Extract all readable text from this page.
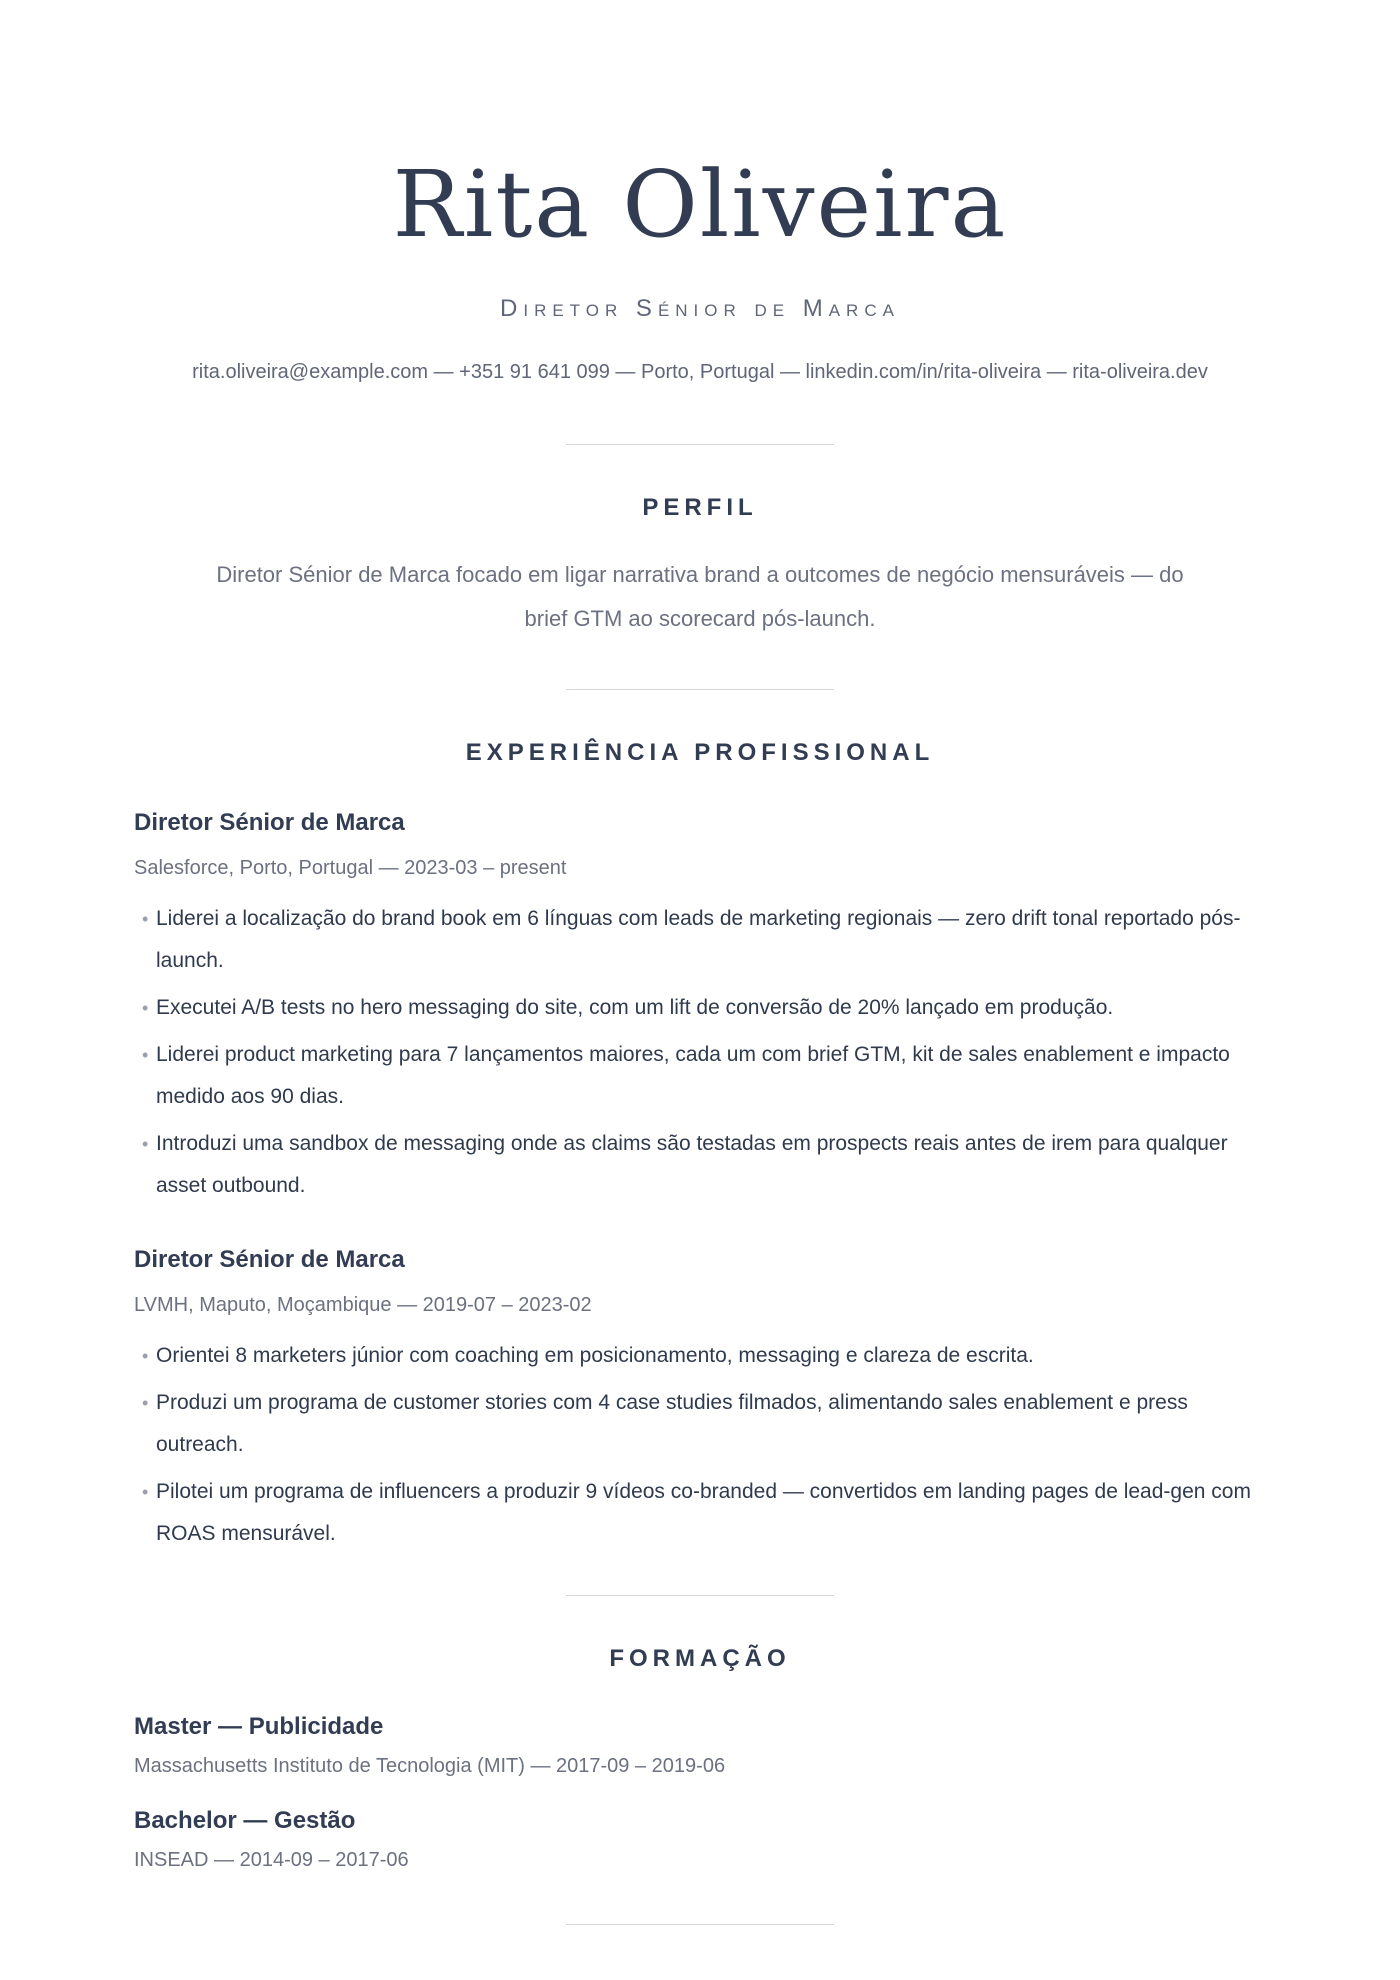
Rita Oliveira
Diretor Sénior de Marca
rita.oliveira@example.com — +351 91 641 099 — Porto, Portugal — linkedin.com/in/rita-oliveira — rita-oliveira.dev
PERFIL

Diretor Sénior de Marca focado em ligar narrativa brand a outcomes de negócio mensuráveis — do brief GTM ao scorecard pós-launch.

EXPERIÊNCIA PROFISSIONAL
Diretor Sénior de Marca
Salesforce, Porto, Portugal — 2023-03 – present
• Liderei a localização do brand book em 6 línguas com leads de marketing regionais — zero drift tonal reportado pós-launch.
• Executei A/B tests no hero messaging do site, com um lift de conversão de 20% lançado em produção.
• Liderei product marketing para 7 lançamentos maiores, cada um com brief GTM, kit de sales enablement e impacto medido aos 90 dias.
• Introduzi uma sandbox de messaging onde as claims são testadas em prospects reais antes de irem para qualquer asset outbound.
Diretor Sénior de Marca
LVMH, Maputo, Moçambique — 2019-07 – 2023-02
• Orientei 8 marketers júnior com coaching em posicionamento, messaging e clareza de escrita.
• Produzi um programa de customer stories com 4 case studies filmados, alimentando sales enablement e press outreach.
• Pilotei um programa de influencers a produzir 9 vídeos co-branded — convertidos em landing pages de lead-gen com ROAS mensurável.
FORMAÇÃO
Master — Publicidade
Massachusetts Instituto de Tecnologia (MIT) — 2017-09 – 2019-06
Bachelor — Gestão
INSEAD — 2014-09 – 2017-06
